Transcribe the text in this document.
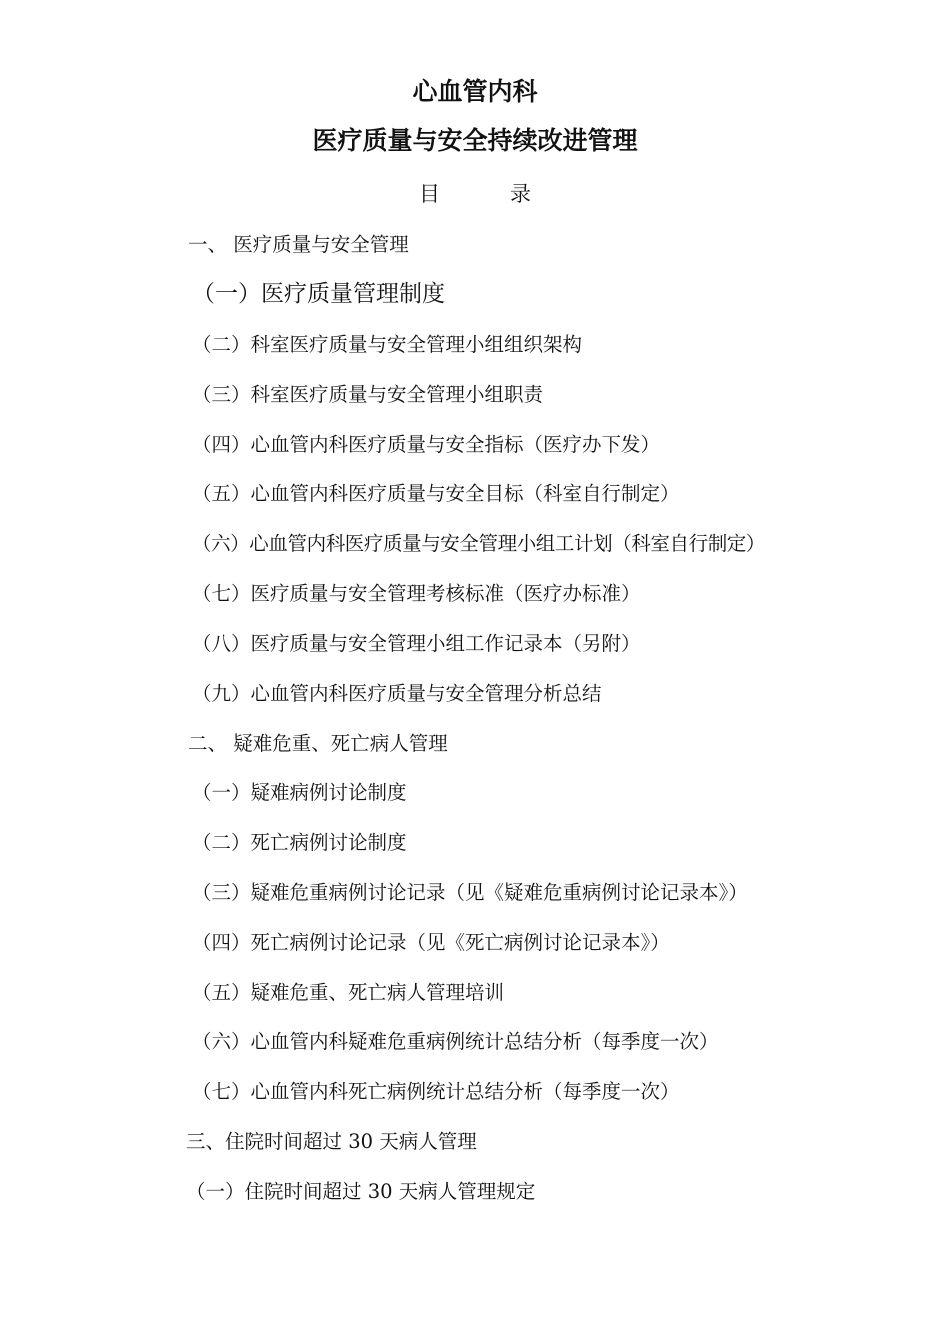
心血管内科
医疗质量与安全持续改进管理
目	录

一、 医疗质量与安全管理

（一）医疗质量管理制度

（二）科室医疗质量与安全管理小组组织架构

（三）科室医疗质量与安全管理小组职责

（四）心血管内科医疗质量与安全指标（医疗办下发）

（五）心血管内科医疗质量与安全目标（科室自行制定）

（六）心血管内科医疗质量与安全管理小组工计划（科室自行制定）

（七）医疗质量与安全管理考核标准（医疗办标准）

（八）医疗质量与安全管理小组工作记录本（另附）

（九）心血管内科医疗质量与安全管理分析总结

二、 疑难危重、死亡病人管理

（一）疑难病例讨论制度

（二）死亡病例讨论制度

（三）疑难危重病例讨论记录（见《疑难危重病例讨论记录本》）

（四）死亡病例讨论记录（见《死亡病例讨论记录本》）

（五）疑难危重、死亡病人管理培训

（六）心血管内科疑难危重病例统计总结分析（每季度一次）

（七）心血管内科死亡病例统计总结分析（每季度一次）

三、住院时间超过 30 天病人管理

（一）住院时间超过 30 天病人管理规定
